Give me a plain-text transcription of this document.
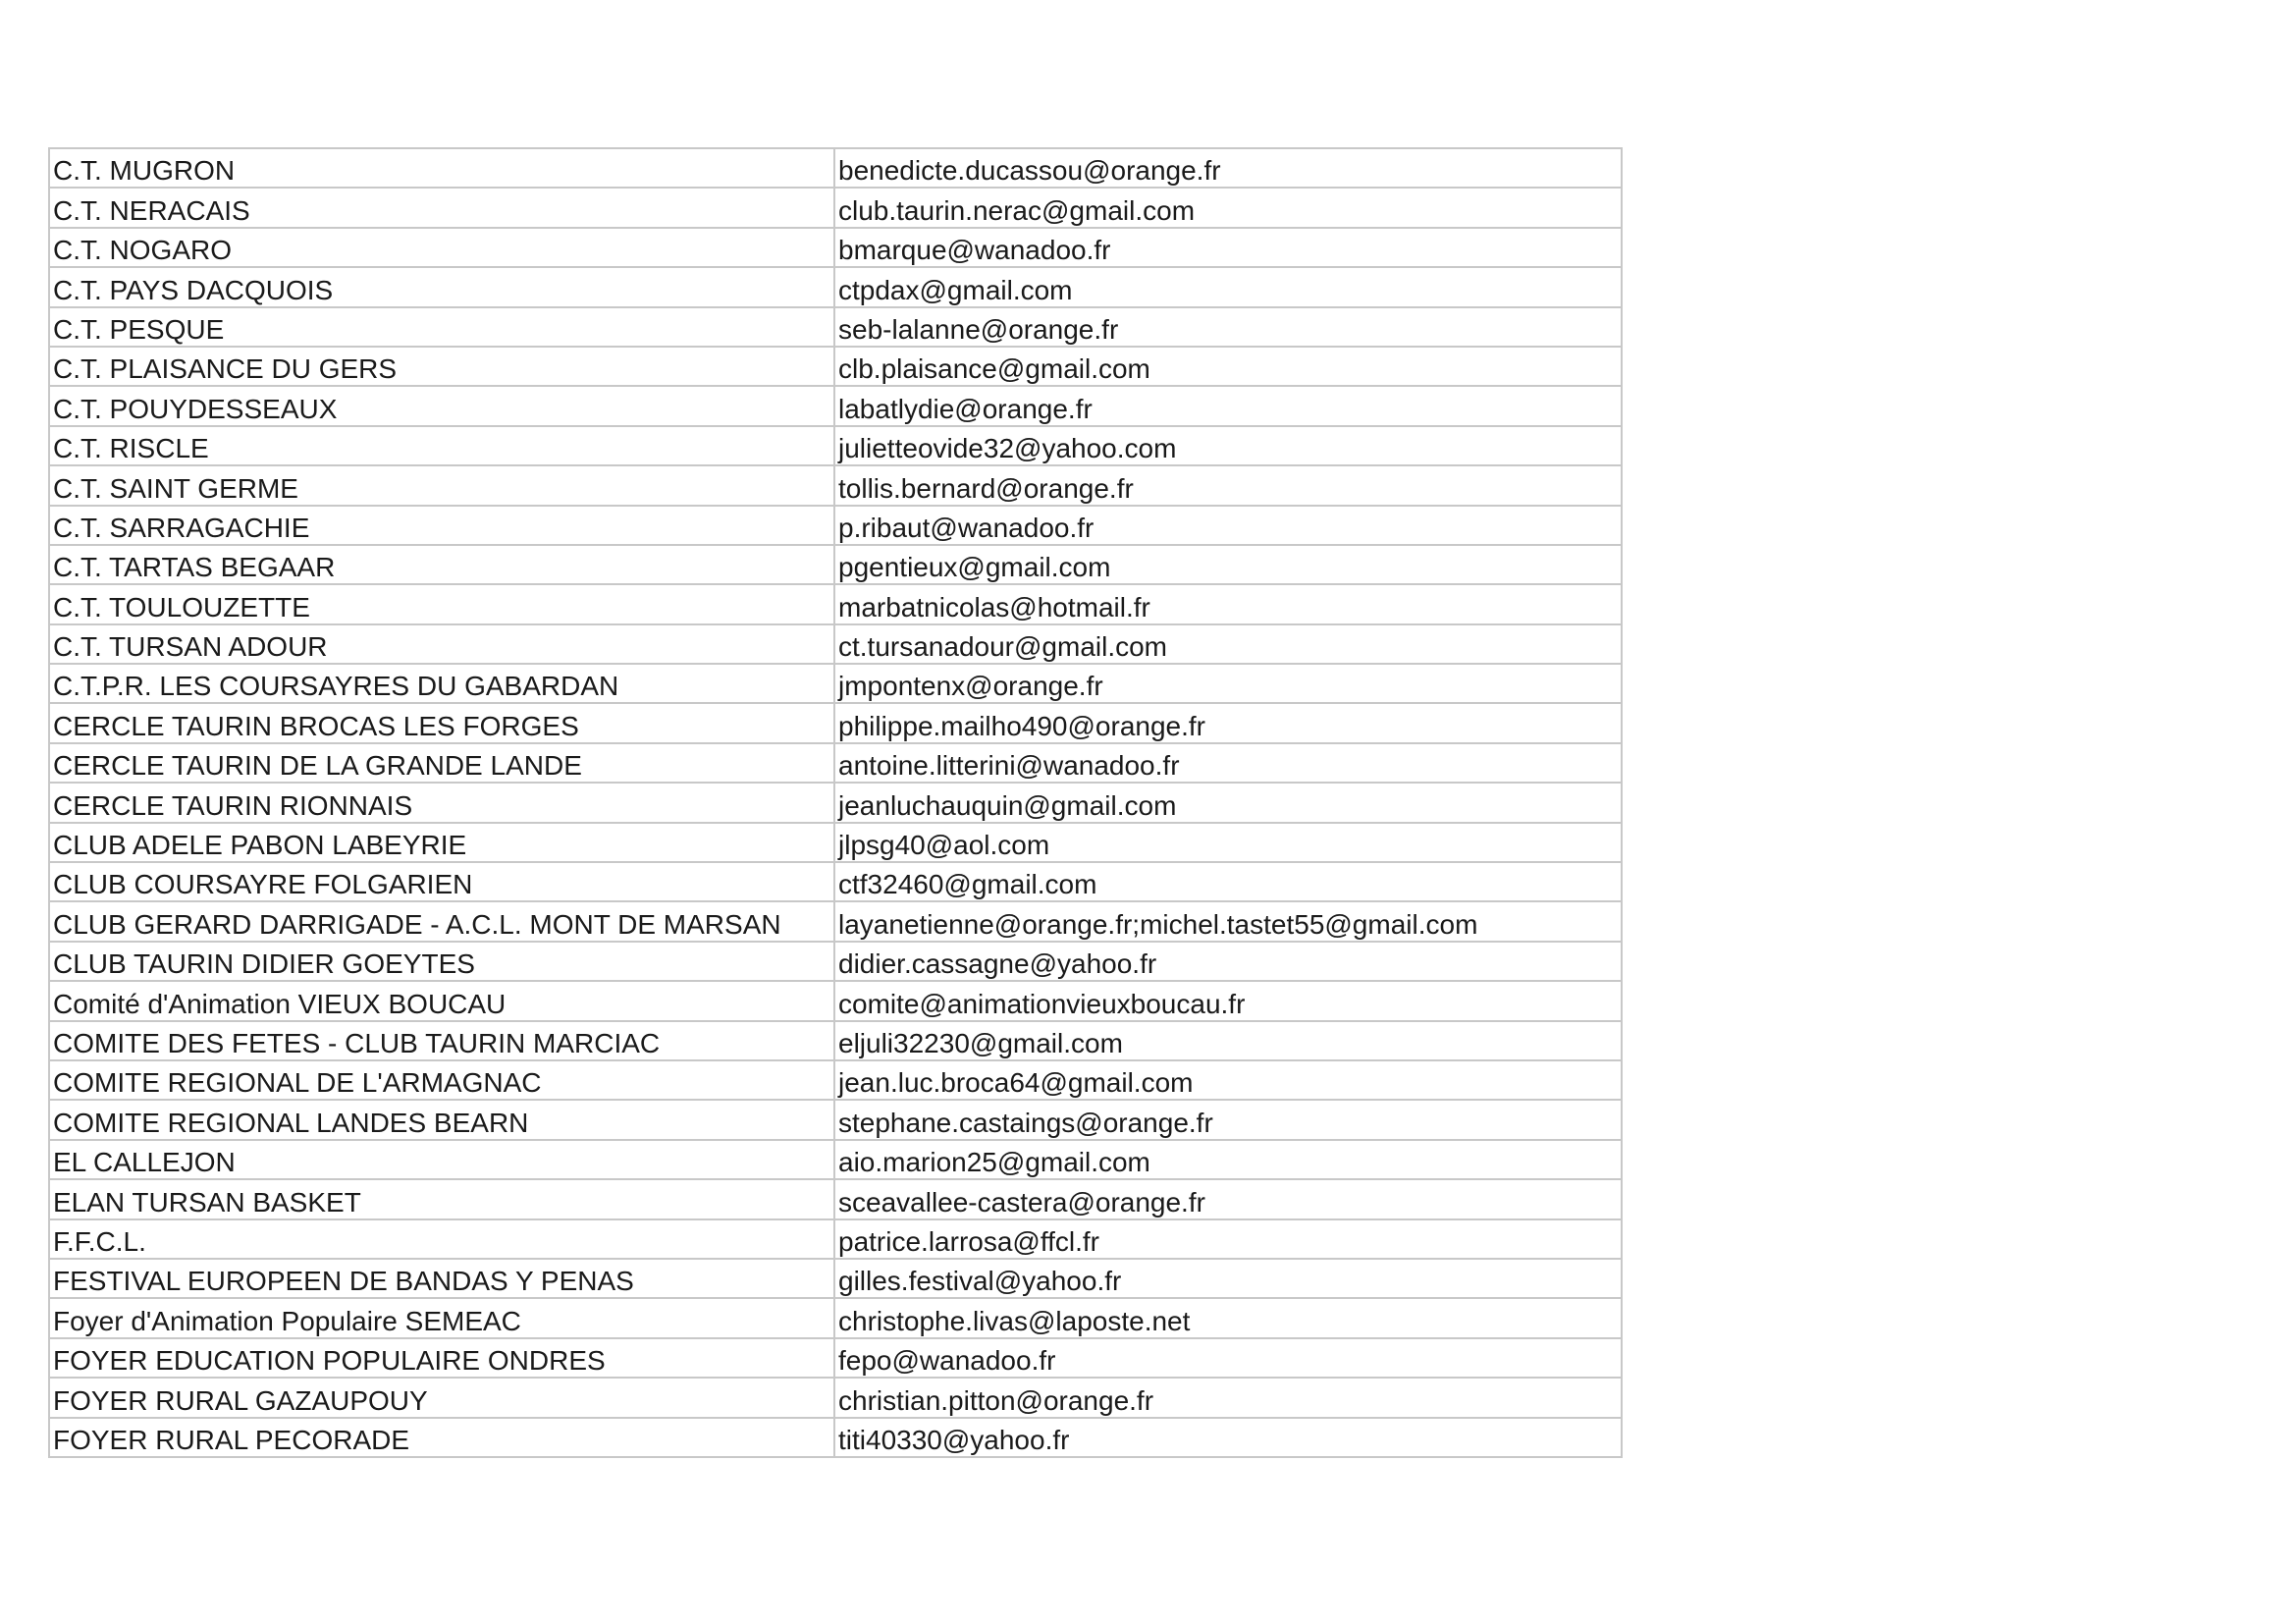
C.T. MUGRON	benedicte.ducassou@orange.fr
C.T. NERACAIS	club.taurin.nerac@gmail.com
C.T. NOGARO	bmarque@wanadoo.fr
C.T. PAYS DACQUOIS	ctpdax@gmail.com
C.T. PESQUE	seb-lalanne@orange.fr
C.T. PLAISANCE DU GERS	clb.plaisance@gmail.com
C.T. POUYDESSEAUX	labatlydie@orange.fr
C.T. RISCLE	julietteovide32@yahoo.com
C.T. SAINT GERME	tollis.bernard@orange.fr
C.T. SARRAGACHIE	p.ribaut@wanadoo.fr
C.T. TARTAS BEGAAR	pgentieux@gmail.com
C.T. TOULOUZETTE	marbatnicolas@hotmail.fr
C.T. TURSAN ADOUR	ct.tursanadour@gmail.com
C.T.P.R. LES COURSAYRES DU GABARDAN	jmpontenx@orange.fr
CERCLE TAURIN BROCAS LES FORGES	philippe.mailho490@orange.fr
CERCLE TAURIN DE LA GRANDE LANDE	antoine.litterini@wanadoo.fr
CERCLE TAURIN RIONNAIS	jeanluchauquin@gmail.com
CLUB ADELE PABON LABEYRIE	jlpsg40@aol.com
CLUB COURSAYRE FOLGARIEN	ctf32460@gmail.com
CLUB GERARD DARRIGADE - A.C.L. MONT DE MARSAN	layanetienne@orange.fr;michel.tastet55@gmail.com
CLUB TAURIN DIDIER GOEYTES	didier.cassagne@yahoo.fr
Comité d'Animation VIEUX BOUCAU	comite@animationvieuxboucau.fr
COMITE DES FETES - CLUB TAURIN MARCIAC	eljuli32230@gmail.com
COMITE REGIONAL DE L'ARMAGNAC	jean.luc.broca64@gmail.com
COMITE REGIONAL LANDES BEARN	stephane.castaings@orange.fr
EL CALLEJON	aio.marion25@gmail.com
ELAN TURSAN BASKET	sceavallee-castera@orange.fr
F.F.C.L.	patrice.larrosa@ffcl.fr
FESTIVAL EUROPEEN DE BANDAS Y PENAS	gilles.festival@yahoo.fr
Foyer d'Animation Populaire SEMEAC	christophe.livas@laposte.net
FOYER EDUCATION POPULAIRE ONDRES	fepo@wanadoo.fr
FOYER RURAL GAZAUPOUY	christian.pitton@orange.fr
FOYER RURAL PECORADE	titi40330@yahoo.fr
